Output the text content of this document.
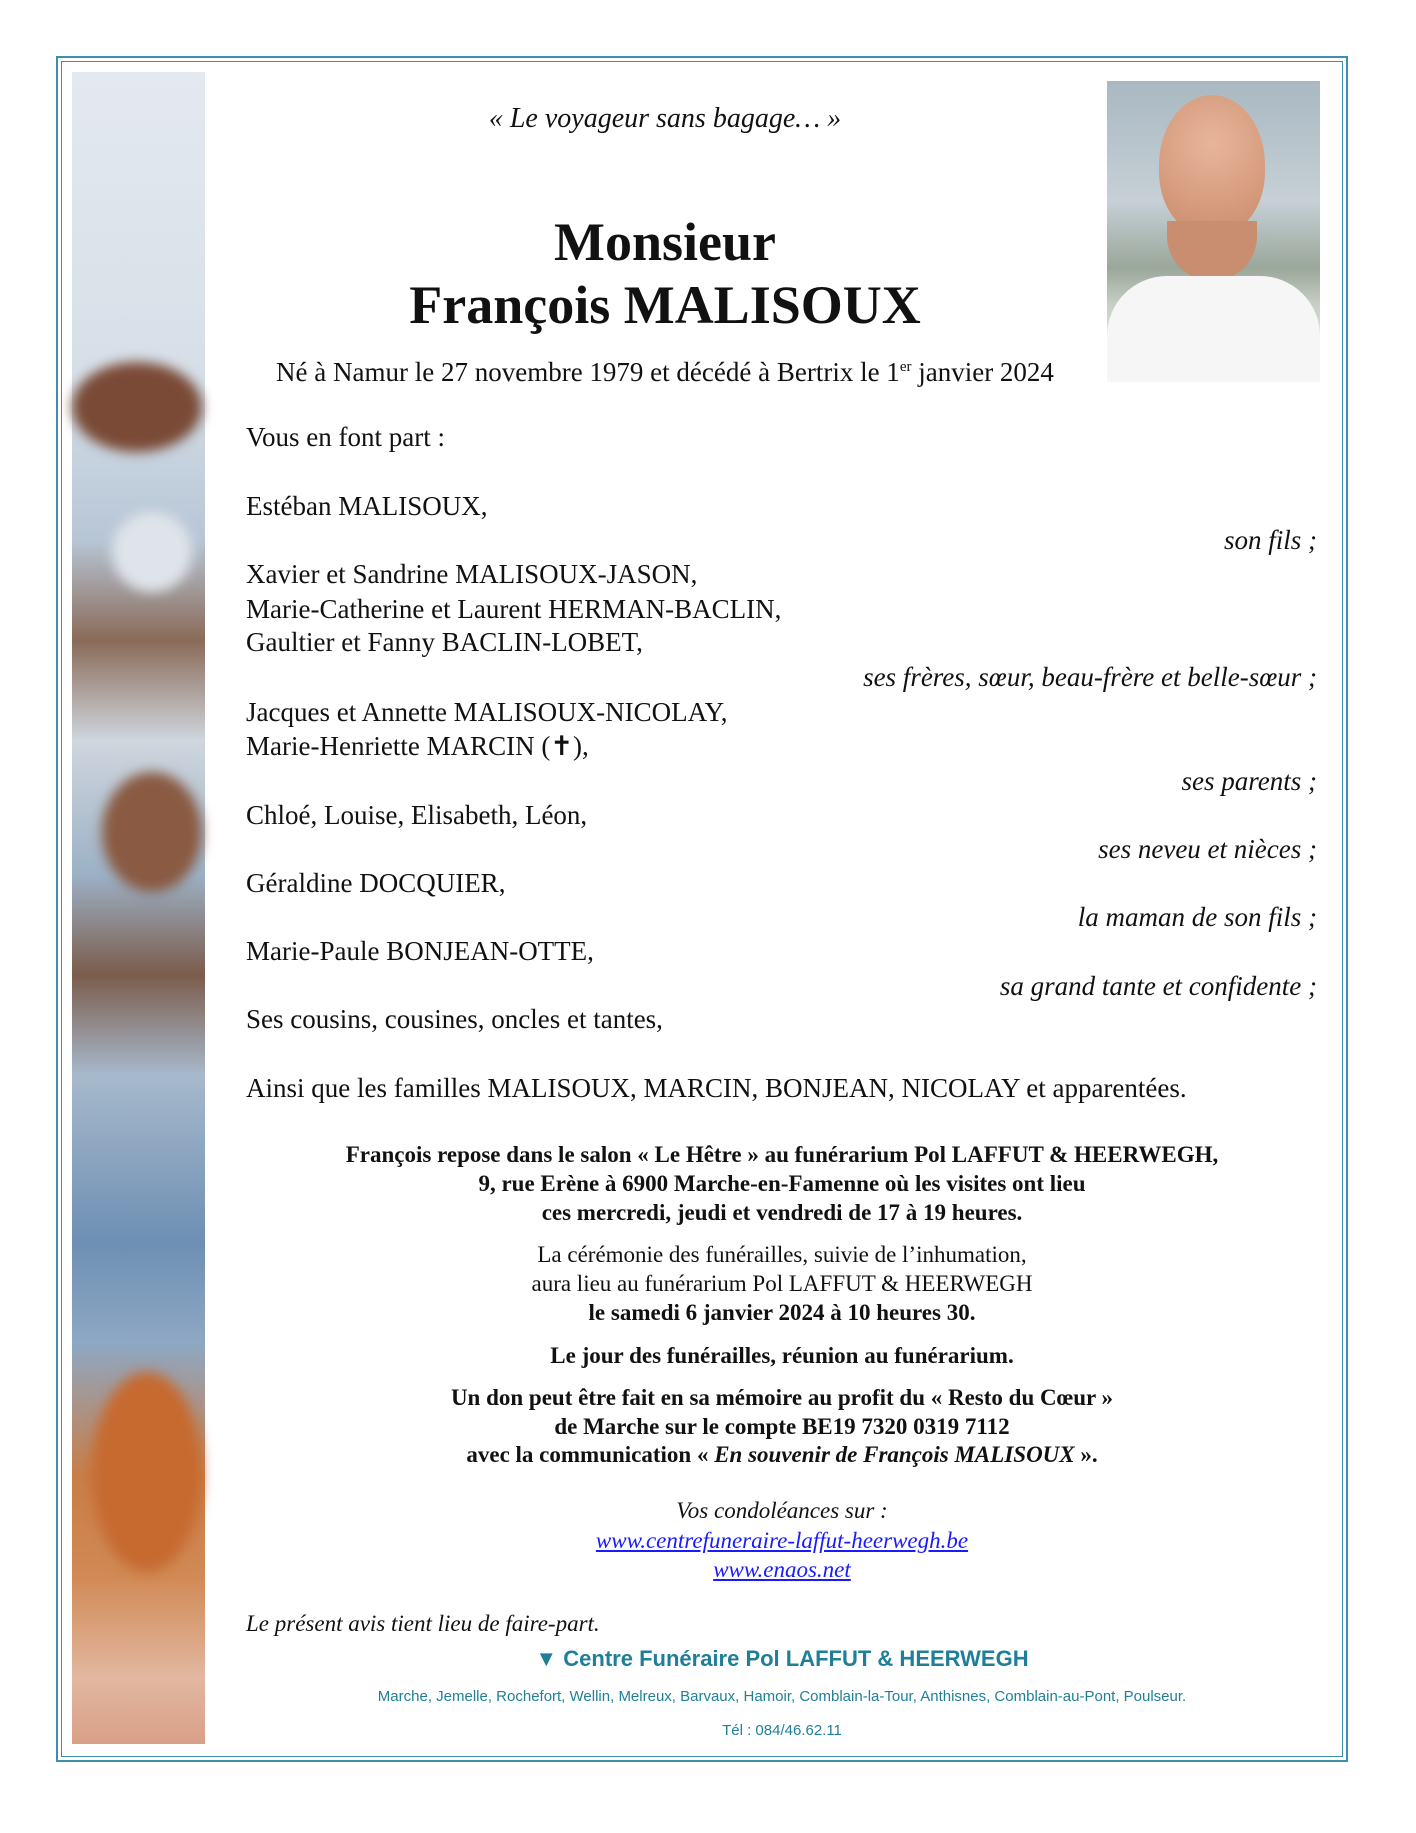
« Le voyageur sans bagage… »
Monsieur
François MALISOUX
Né à Namur le 27 novembre 1979 et décédé à Bertrix le 1er janvier 2024
Vous en font part :
Estéban MALISOUX,
son fils ;
Xavier et Sandrine MALISOUX-JASON,
Marie-Catherine et Laurent HERMAN-BACLIN,
Gaultier et Fanny BACLIN-LOBET,
ses frères, sœur, beau-frère et belle-sœur ;
Jacques et Annette MALISOUX-NICOLAY,
Marie-Henriette MARCIN (✝),
ses parents ;
Chloé, Louise, Elisabeth, Léon,
ses neveu et nièces ;
Géraldine DOCQUIER,
la maman de son fils ;
Marie-Paule BONJEAN-OTTE,
sa grand tante et confidente ;
Ses cousins, cousines, oncles et tantes,
Ainsi que les familles MALISOUX, MARCIN, BONJEAN, NICOLAY et apparentées.
François repose dans le salon « Le Hêtre » au funérarium Pol LAFFUT & HEERWEGH,
9, rue Erène à 6900 Marche-en-Famenne où les visites ont lieu
ces mercredi, jeudi et vendredi de 17 à 19 heures.
La cérémonie des funérailles, suivie de l’inhumation,
aura lieu au funérarium Pol LAFFUT & HEERWEGH
le samedi 6 janvier 2024 à 10 heures 30.
Le jour des funérailles, réunion au funérarium.
Un don peut être fait en sa mémoire au profit du « Resto du Cœur »
de Marche sur le compte BE19 7320 0319 7112
avec la communication « En souvenir de François MALISOUX ».
Vos condoléances sur :
www.centrefuneraire-laffut-heerwegh.be
www.enaos.net
Le présent avis tient lieu de faire-part.
▼ Centre Funéraire Pol LAFFUT & HEERWEGH
Marche, Jemelle, Rochefort, Wellin, Melreux, Barvaux, Hamoir, Comblain-la-Tour, Anthisnes, Comblain-au-Pont, Poulseur.
Tél : 084/46.62.11
